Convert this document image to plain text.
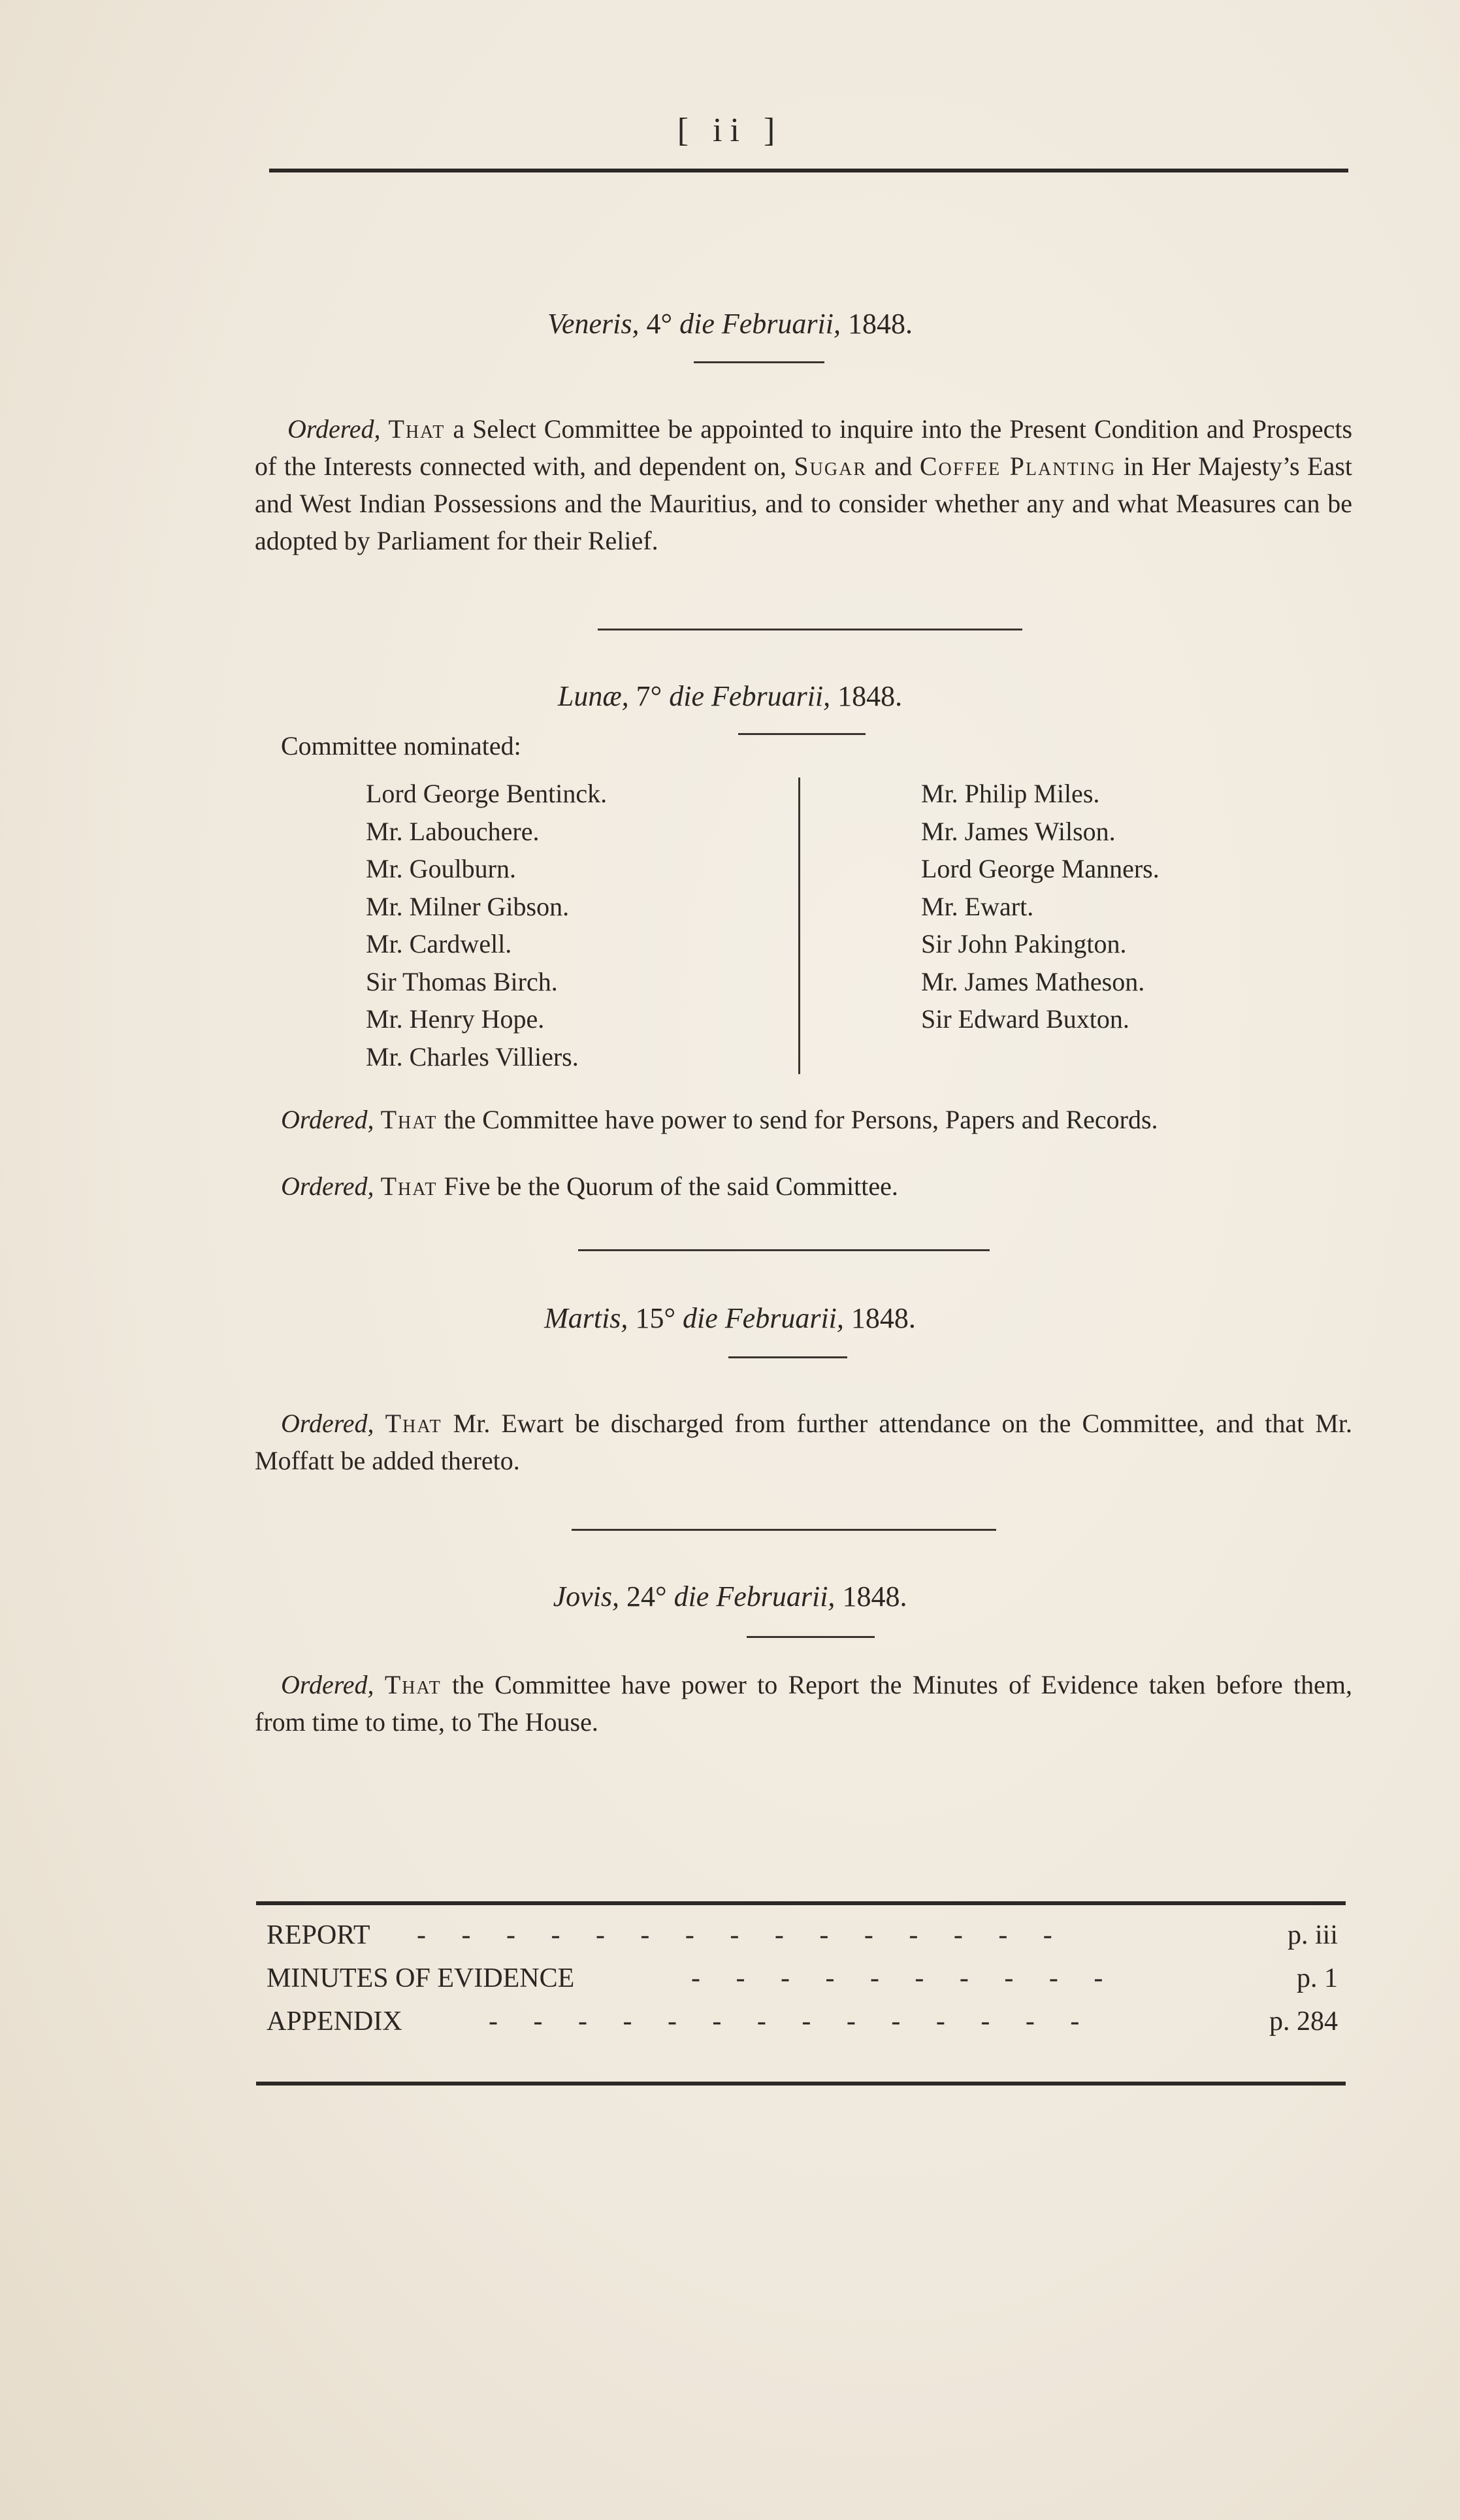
[ ii ]
Veneris, 4° die Februarii, 1848.
Ordered, That a Select Committee be appointed to inquire into the Present Condition and Prospects of the Interests connected with, and dependent on, Sugar and Coffee Planting in Her Majesty’s East and West Indian Possessions and the Mauritius, and to consider whether any and what Measures can be adopted by Parliament for their Relief.
Lunæ, 7° die Februarii, 1848.
Committee nominated:
Lord George Bentinck.
Mr. Labouchere.
Mr. Goulburn.
Mr. Milner Gibson.
Mr. Cardwell.
Sir Thomas Birch.
Mr. Henry Hope.
Mr. Charles Villiers.
Mr. Philip Miles.
Mr. James Wilson.
Lord George Manners.
Mr. Ewart.
Sir John Pakington.
Mr. James Matheson.
Sir Edward Buxton.
Ordered, That the Committee have power to send for Persons, Papers and Records.
Ordered, That Five be the Quorum of the said Committee.
Martis, 15° die Februarii, 1848.
Ordered, That Mr. Ewart be discharged from further attendance on the Committee, and that Mr. Moffatt be added thereto.
Jovis, 24° die Februarii, 1848.
Ordered, That the Committee have power to Report the Minutes of Evidence taken before them, from time to time, to The House.
REPORT - - - - - - - - - - - - - - -	p. iii
MINUTES OF EVIDENCE	- - - - - - - - - -	p. 1
APPENDIX	- - - - - - - - - - - - - -	p. 284
